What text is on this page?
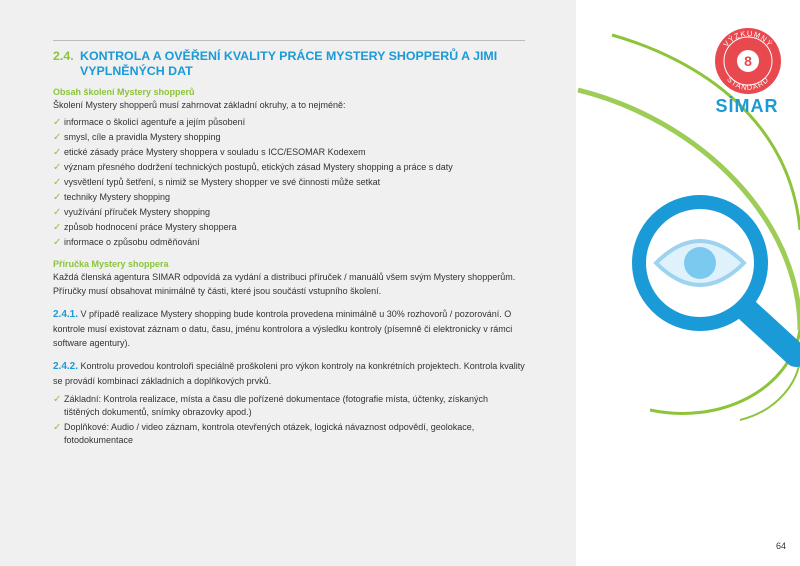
VÝZKUMNÝ
STANDARD
8
SİMAR
2.4. KONTROLA A OVĚŘENÍ KVALITY PRÁCE MYSTERY SHOPPERŮ A JIMI VYPLNĚNÝCH DAT
Obsah školení Mystery shopperů
Školení Mystery shopperů musí zahrnovat základní okruhy, a to nejméně:
✓ informace o školicí agentuře a jejím působení
✓ smysl, cíle a pravidla Mystery shopping
✓ etické zásady práce Mystery shoppera v souladu s ICC/ESOMAR Kodexem
✓ význam přesného dodržení technických postupů, etických zásad Mystery shopping a práce s daty
✓ vysvětlení typů šetření, s nimiž se Mystery shopper ve své činnosti může setkat
✓ techniky Mystery shopping
✓ využívání příruček Mystery shopping
✓ způsob hodnocení práce Mystery shoppera
✓ informace o způsobu odměňování
Příručka Mystery shoppera
Každá členská agentura SIMAR odpovídá za vydání a distribuci příruček / manuálů všem svým Mystery shopperům. Příručky musí obsahovat minimálně ty části, které jsou součástí vstupního školení.
2.4.1. V případě realizace Mystery shopping bude kontrola provedena minimálně u 30% rozhovorů / pozorování. O kontrole musí existovat záznam o datu, času, jménu kontrolora a výsledku kontroly (písemně či elektronicky v rámci software agentury).
2.4.2. Kontrolu provedou kontroloři speciálně proškoleni pro výkon kontroly na konkrétních projektech. Kontrola kvality se provádí kombinací základních a doplňkových prvků.
✓ Základní: Kontrola realizace, místa a času dle pořízené dokumentace (fotografie místa, účtenky, získaných tištěných dokumentů, snímky obrazovky apod.)
✓ Doplňkové: Audio / video záznam, kontrola otevřených otázek, logická návaznost odpovědí, geolokace, fotodokumentace
64
